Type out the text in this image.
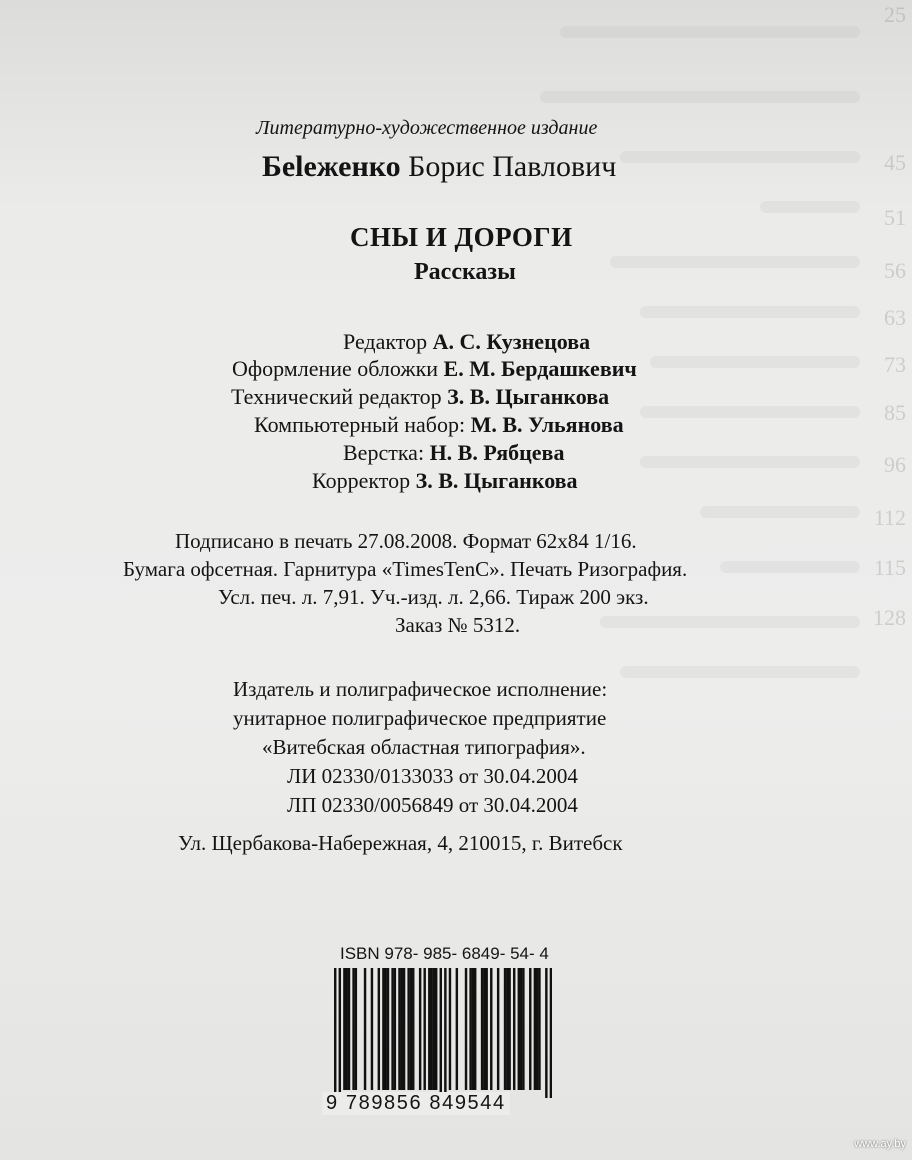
25
45
51
56
63
73
85
96
112
115
128
Литературно-художественное издание
Беleженко Борис Павлович
СНЫ И ДОРОГИ
Рассказы
Редактор А. С. Кузнецова
Оформление обложки Е. М. Бердашкевич
Технический редактор З. В. Цыганкова
Компьютерный набор: М. В. Ульянова
Верстка: Н. В. Рябцева
Корректор З. В. Цыганкова
Подписано в печать 27.08.2008. Формат 62x84 1/16.
Бумага офсетная. Гарнитура «TimesTenC». Печать Ризография.
Усл. печ. л. 7,91. Уч.-изд. л. 2,66. Тираж 200 экз.
Заказ № 5312.
Издатель и полиграфическое исполнение:
унитарное полиграфическое предприятие
«Витебская областная типография».
ЛИ 02330/0133033 от 30.04.2004
ЛП 02330/0056849 от 30.04.2004
Ул. Щербакова-Набережная, 4, 210015, г. Витебск
ISBN 978- 985- 6849- 54- 4
9 789856 849544
www.ay.by
